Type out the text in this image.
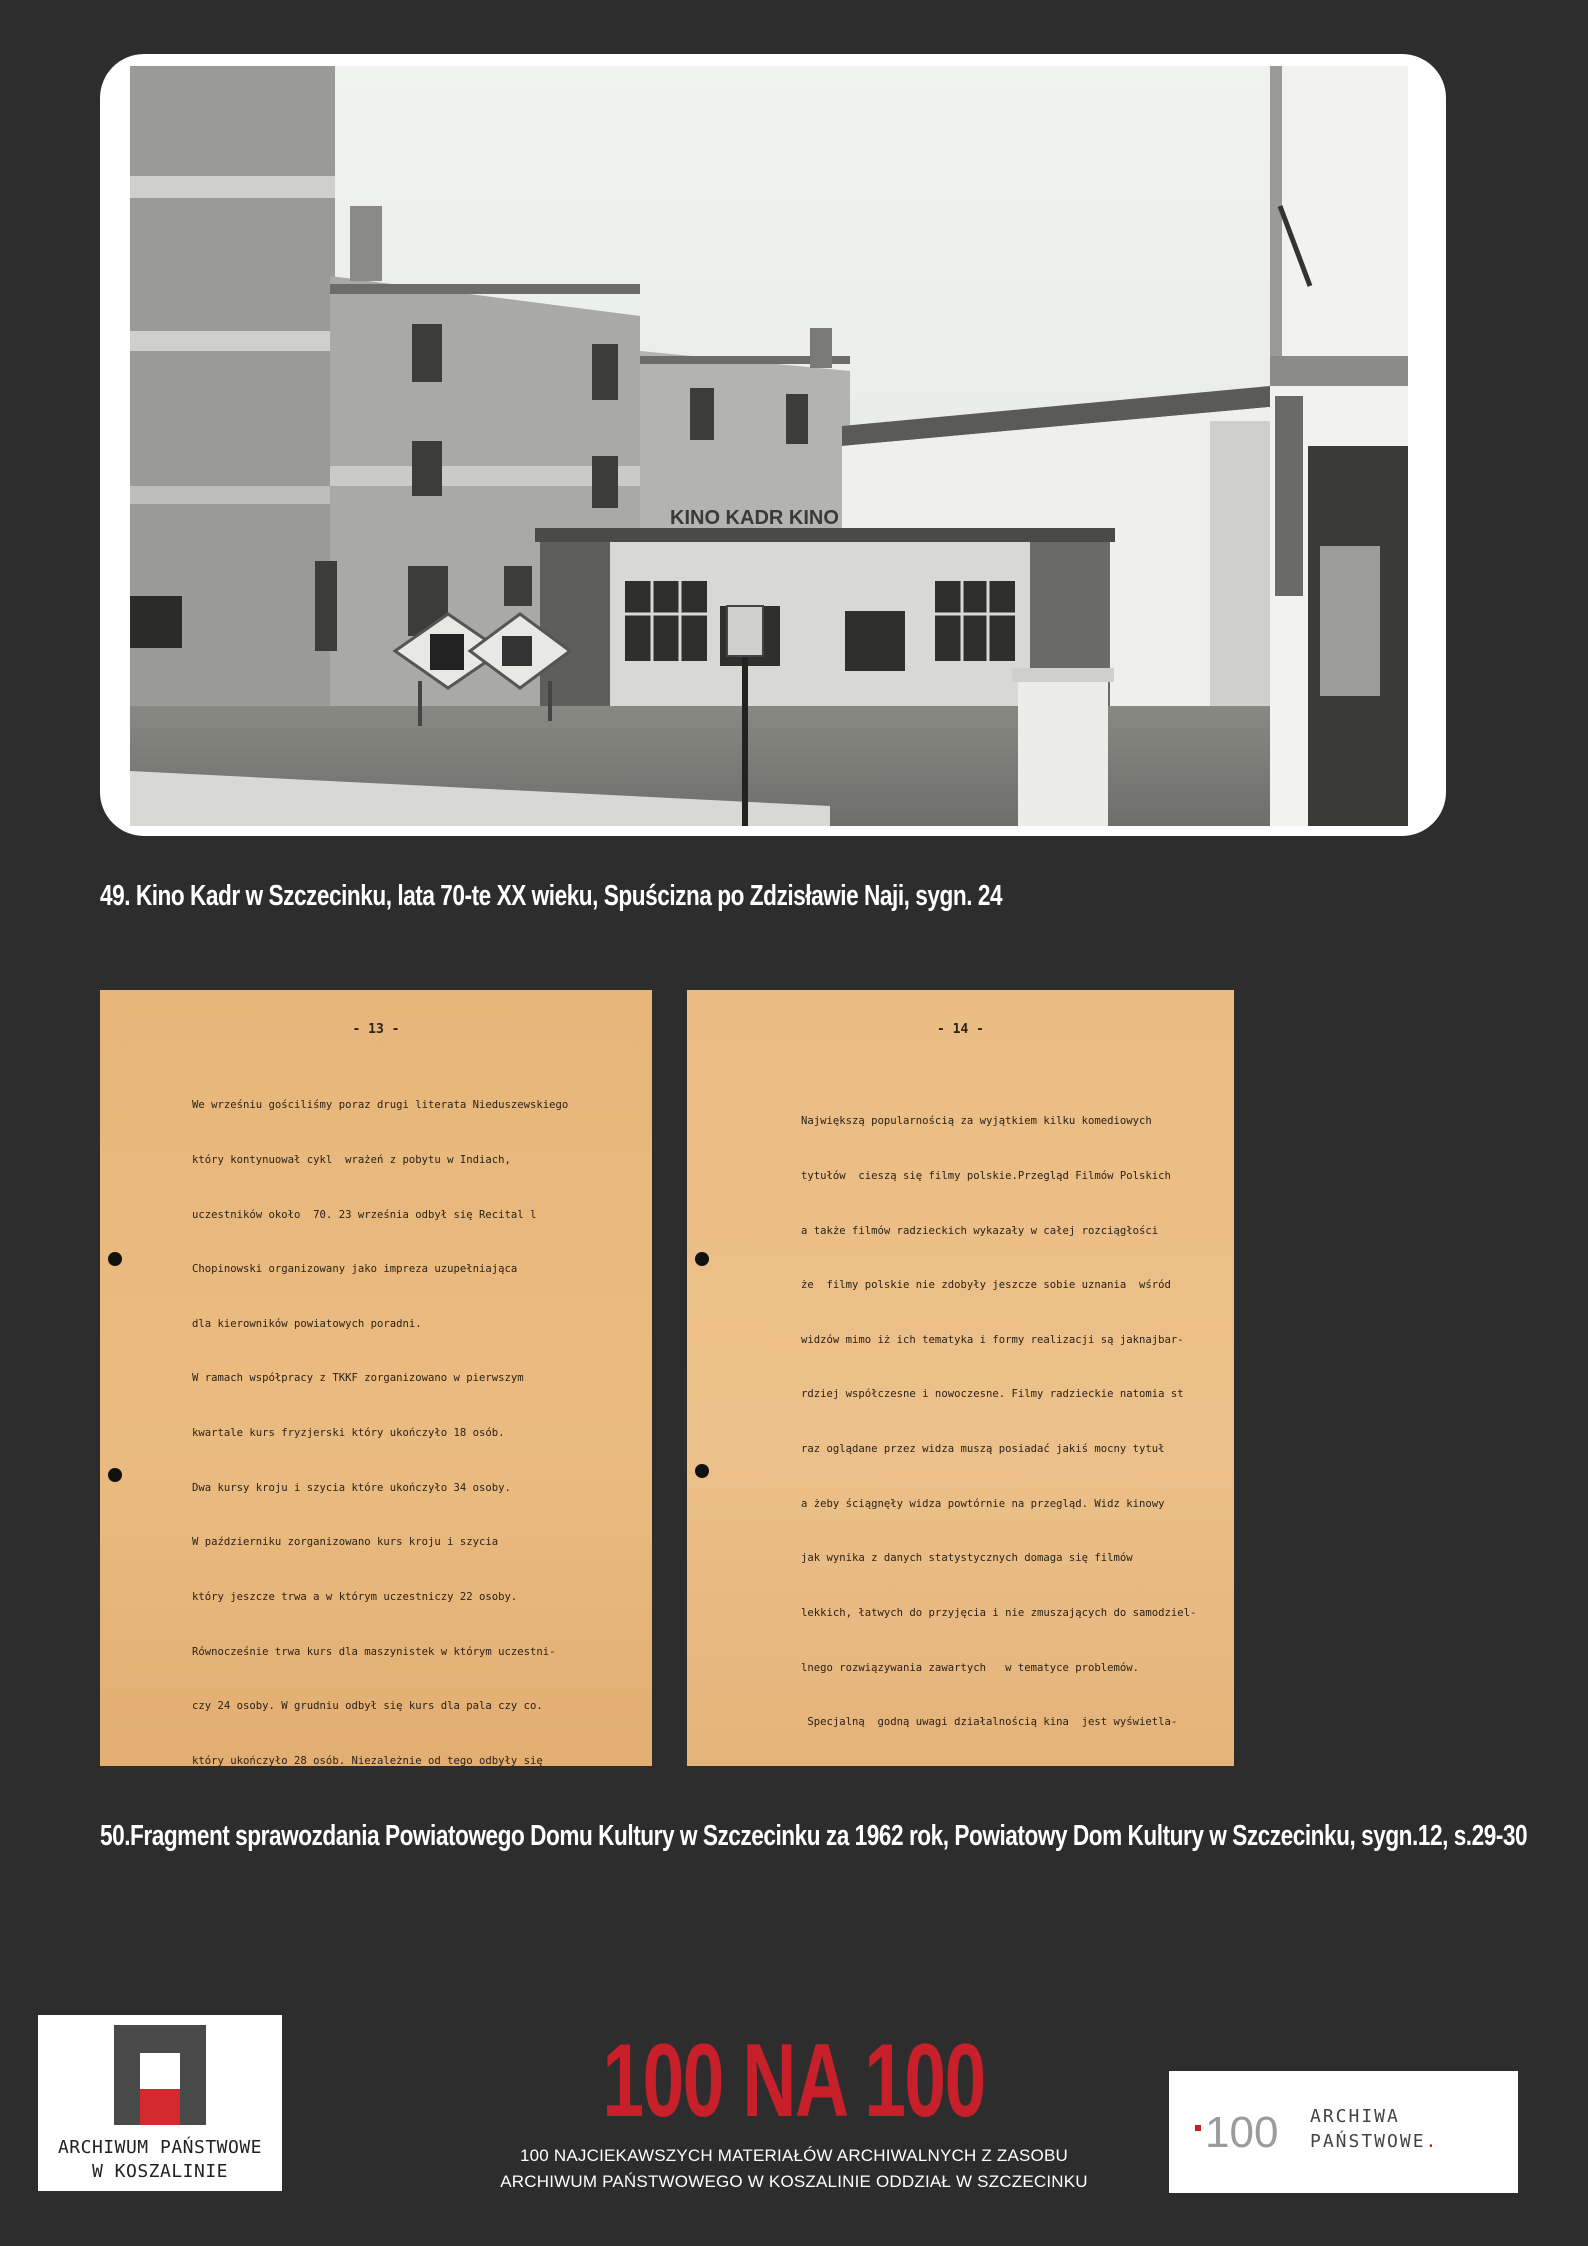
KINO KADR KINO
49. Kino Kadr w Szczecinku, lata 70-te XX wieku, Spuścizna po Zdzisławie Naji, sygn. 24
- 13 -

We wrześniu gościliśmy poraz drugi literata Nieduszewskiego

który kontynuował cykl  wrażeń z pobytu w Indiach,

uczestników około  70. 23 września odbył się Recital l

Chopinowski organizowany jako impreza uzupełniająca

dla kierowników powiatowych poradni.

W ramach współpracy z TKKF zorganizowano w pierwszym

kwartale kurs fryzjerski który ukończyło 18 osób.

Dwa kursy kroju i szycia które ukończyło 34 osoby.

W październiku zorganizowano kurs kroju i szycia

który jeszcze trwa a w którym uczestniczy 22 osoby.

Równocześnie trwa kurs dla maszynistek w którym uczestni-

czy 24 osoby. W grudniu odbył się kurs dla pala czy co.

który ukończyło 28 osób. Niezależnie od tego odbyły się

- 14 -

Największą popularnością za wyjątkiem kilku komediowych

tytułów  cieszą się filmy polskie.Przegląd Filmów Polskich

a także filmów radzieckich wykazały w całej rozciągłości

że  filmy polskie nie zdobyły jeszcze sobie uznania  wśród

widzów mimo iż ich tematyka i formy realizacji są jaknajbar-

rdziej współczesne i nowoczesne. Filmy radzieckie natomia st

raz oglądane przez widza muszą posiadać jakiś mocny tytuł

a żeby ściągnęły widza powtórnie na przegląd. Widz kinowy

jak wynika z danych statystycznych domaga się filmów

lekkich, łatwych do przyjęcia i nie zmuszających do samodziel-

lnego rozwiązywania zawartych   w tematyce problemów.

Specjalną  godną uwagi działalnością kina  jest wyświetla-

50.Fragment sprawozdania Powiatowego Domu Kultury w Szczecinku za 1962 rok, Powiatowy Dom Kultury w Szczecinku, sygn.12, s.29-30
ARCHIWUM PAŃSTWOWE
W KOSZALINIE
100 NA 100
100 NAJCIEKAWSZYCH MATERIAŁÓW ARCHIWALNYCH Z ZASOBU
ARCHIWUM PAŃSTWOWEGO W KOSZALINIE ODDZIAŁ W SZCZECINKU
100 ARCHIWA
PAŃSTWOWE.
